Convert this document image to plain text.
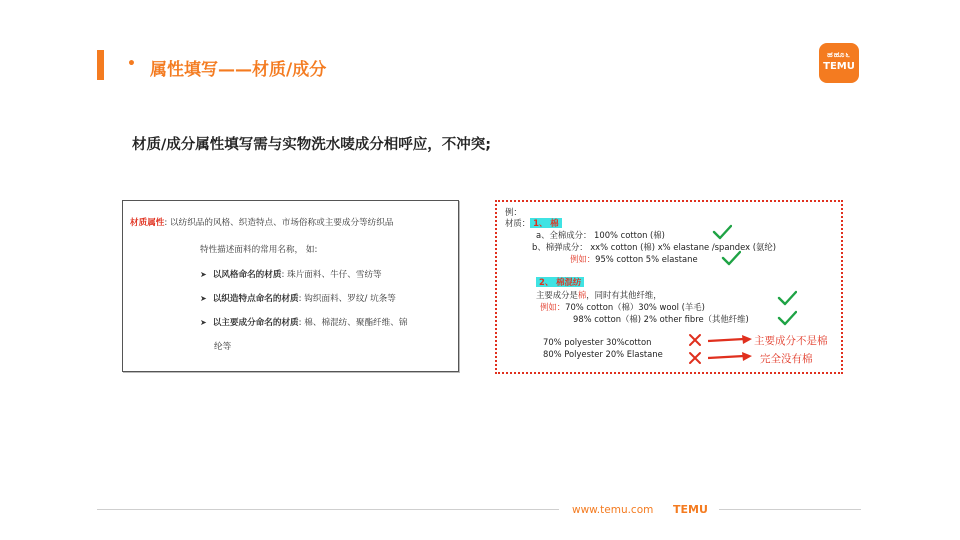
• 属性填写——材质/成分
ಹಹೂ೬
TEMU
材质/成分属性填写需与实物洗水唛成分相呼应，不冲突;
材质属性: 以纺织品的风格、织造特点、市场俗称或主要成分等纺织品
特性描述面料的常用名称， 如:
➤ 以风格命名的材质: 珠片面料、牛仔、雪纺等
➤ 以织造特点命名的材质: 钩织面料、罗纹/ 坑条等
➤ 以主要成分命名的材质: 棉、棉混纺、聚酯纤维、锦
纶等
例：
材质： 1、 棉
a、全棉成分： 100% cotton (棉)
b、棉弹成分： xx% cotton (棉) x% elastane /spandex (氨纶)
例如：95% cotton 5% elastane
2、 棉混纺
主要成分是棉，同时有其他纤维，
例如：70% cotton（棉）30% wool (羊毛)
98% cotton（棉) 2% other fibre（其他纤维)
70% polyester 30%cotton
80% Polyester 20% Elastane
主要成分不是棉
完全没有棉
www.temu.com TEMU
